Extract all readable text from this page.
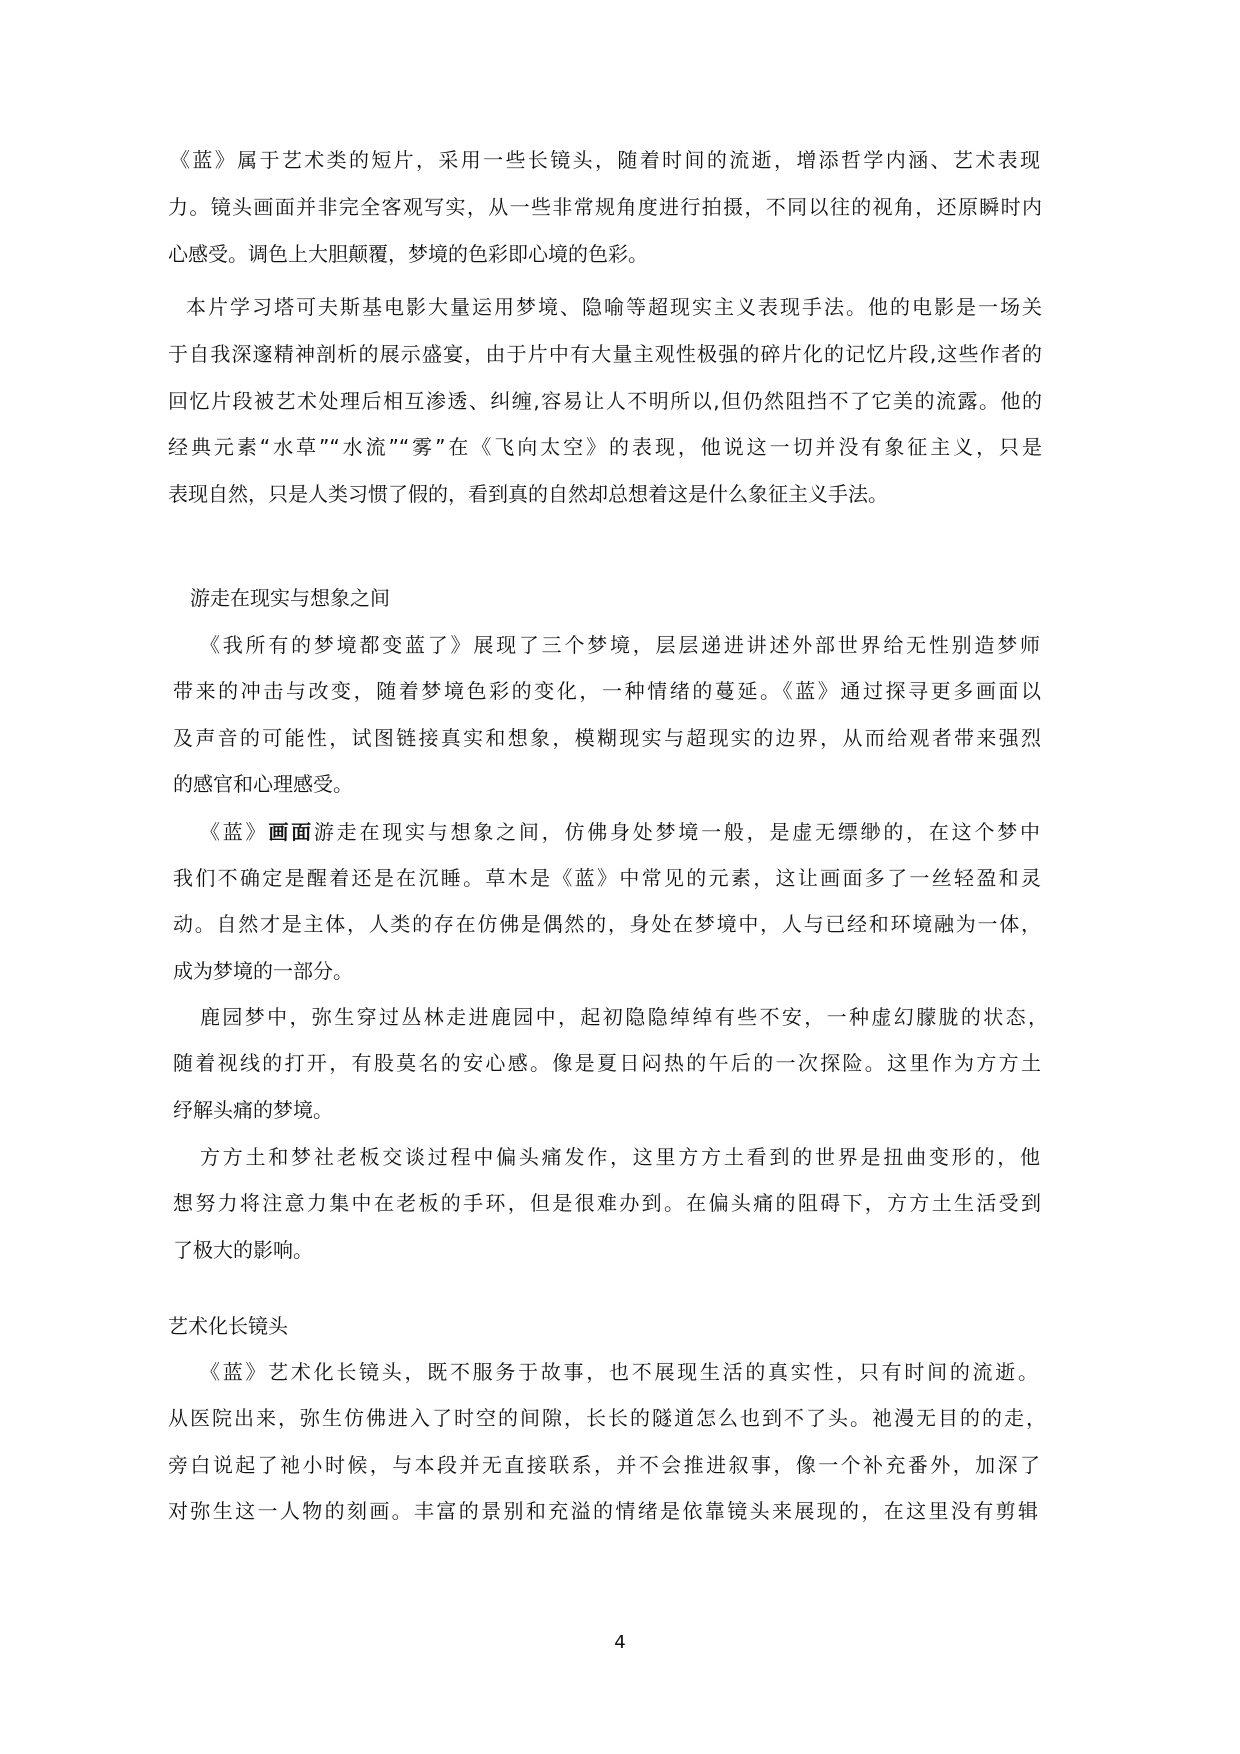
《蓝》属于艺术类的短片，采用一些长镜头，随着时间的流逝，增添哲学内涵、艺术表现
力。镜头画面并非完全客观写实，从一些非常规角度进行拍摄，不同以往的视角，还原瞬时内
心感受。调色上大胆颠覆，梦境的色彩即心境的色彩。
本片学习塔可夫斯基电影大量运用梦境、隐喻等超现实主义表现手法。他的电影是一场关
于自我深邃精神剖析的展示盛宴，由于片中有大量主观性极强的碎片化的记忆片段,这些作者的
回忆片段被艺术处理后相互渗透、纠缠,容易让人不明所以,但仍然阻挡不了它美的流露。他的
经典元素“水草”“水流”“雾”在《飞向太空》的表现，他说这一切并没有象征主义，只是
表现自然，只是人类习惯了假的，看到真的自然却总想着这是什么象征主义手法。
游走在现实与想象之间
《我所有的梦境都变蓝了》展现了三个梦境，层层递进讲述外部世界给无性别造梦师
带来的冲击与改变，随着梦境色彩的变化，一种情绪的蔓延。《蓝》通过探寻更多画面以
及声音的可能性，试图链接真实和想象，模糊现实与超现实的边界，从而给观者带来强烈
的感官和心理感受。
《蓝》画面游走在现实与想象之间，仿佛身处梦境一般，是虚无缥缈的，在这个梦中
我们不确定是醒着还是在沉睡。草木是《蓝》中常见的元素，这让画面多了一丝轻盈和灵
动。自然才是主体，人类的存在仿佛是偶然的，身处在梦境中，人与已经和环境融为一体，
成为梦境的一部分。
鹿园梦中，弥生穿过丛林走进鹿园中，起初隐隐绰绰有些不安，一种虚幻朦胧的状态，
随着视线的打开，有股莫名的安心感。像是夏日闷热的午后的一次探险。这里作为方方土
纾解头痛的梦境。
方方土和梦社老板交谈过程中偏头痛发作，这里方方土看到的世界是扭曲变形的，他
想努力将注意力集中在老板的手环，但是很难办到。在偏头痛的阻碍下，方方土生活受到
了极大的影响。
艺术化长镜头
《蓝》艺术化长镜头，既不服务于故事，也不展现生活的真实性，只有时间的流逝。
从医院出来，弥生仿佛进入了时空的间隙，长长的隧道怎么也到不了头。祂漫无目的的走，
旁白说起了祂小时候，与本段并无直接联系，并不会推进叙事，像一个补充番外，加深了
对弥生这一人物的刻画。丰富的景别和充溢的情绪是依靠镜头来展现的，在这里没有剪辑
4
